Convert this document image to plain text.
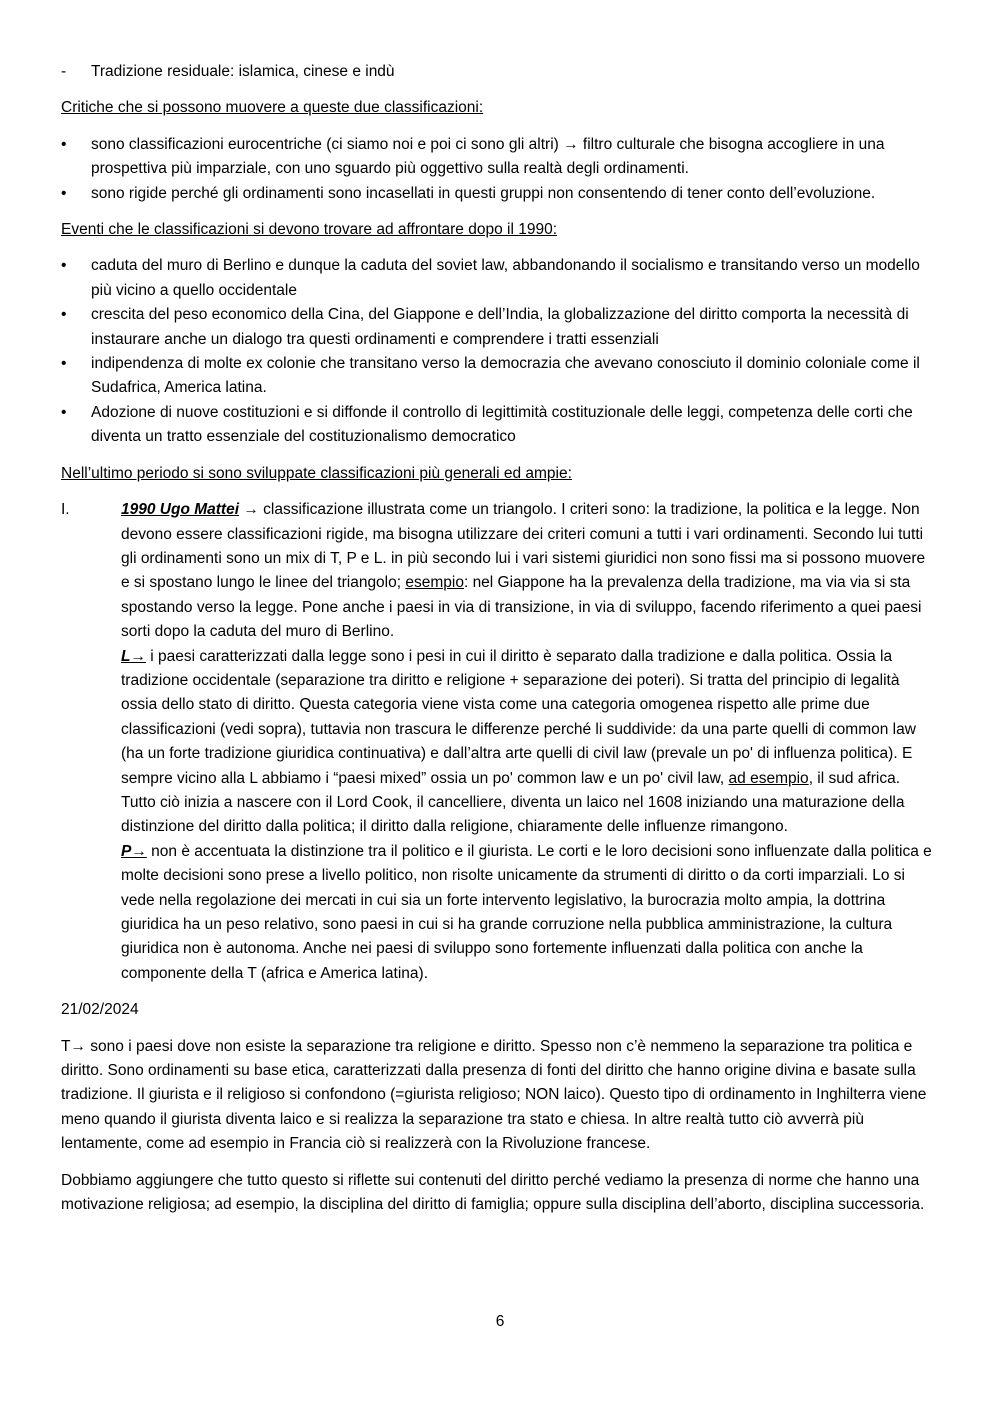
-	Tradizione residuale: islamica, cinese e indù

Critiche che si possono muovere a queste due classificazioni:

•	sono classificazioni eurocentriche (ci siamo noi e poi ci sono gli altri) → filtro culturale che bisogna accogliere in una prospettiva più imparziale, con uno sguardo più oggettivo sulla realtà degli ordinamenti.
•	sono rigide perché gli ordinamenti sono incasellati in questi gruppi non consentendo di tener conto dell’evoluzione.

Eventi che le classificazioni si devono trovare ad affrontare dopo il 1990:

•	caduta del muro di Berlino e dunque la caduta del soviet law, abbandonando il socialismo e transitando verso un modello più vicino a quello occidentale
•	crescita del peso economico della Cina, del Giappone e dell’India, la globalizzazione del diritto comporta la necessità di instaurare anche un dialogo tra questi ordinamenti e comprendere i tratti essenziali
•	indipendenza di molte ex colonie che transitano verso la democrazia che avevano conosciuto il dominio coloniale come il Sudafrica, America latina.
•	Adozione di nuove costituzioni e si diffonde il controllo di legittimità costituzionale delle leggi, competenza delle corti che diventa un tratto essenziale del costituzionalismo democratico

Nell’ultimo periodo si sono sviluppate classificazioni più generali ed ampie:

I.	1990 Ugo Mattei → classificazione illustrata come un triangolo. I criteri sono: la tradizione, la politica e la legge. Non devono essere classificazioni rigide, ma bisogna utilizzare dei criteri comuni a tutti i vari ordinamenti. Secondo lui tutti gli ordinamenti sono un mix di T, P e L. in più secondo lui i vari sistemi giuridici non sono fissi ma si possono muovere e si spostano lungo le linee del triangolo; esempio: nel Giappone ha la prevalenza della tradizione, ma via via si sta spostando verso la legge. Pone anche i paesi in via di transizione, in via di sviluppo, facendo riferimento a quei paesi sorti dopo la caduta del muro di Berlino.

L→ i paesi caratterizzati dalla legge sono i pesi in cui il diritto è separato dalla tradizione e dalla politica. Ossia la tradizione occidentale (separazione tra diritto e religione + separazione dei poteri). Si tratta del principio di legalità ossia dello stato di diritto. Questa categoria viene vista come una categoria omogenea rispetto alle prime due classificazioni (vedi sopra), tuttavia non trascura le differenze perché li suddivide: da una parte quelli di common law (ha un forte tradizione giuridica continuativa) e dall’altra arte quelli di civil law (prevale un po' di influenza politica). E sempre vicino alla L abbiamo i “paesi mixed” ossia un po' common law e un po' civil law, ad esempio, il sud africa.

Tutto ciò inizia a nascere con il Lord Cook, il cancelliere, diventa un laico nel 1608 iniziando una maturazione della distinzione del diritto dalla politica; il diritto dalla religione, chiaramente delle influenze rimangono.

P→ non è accentuata la distinzione tra il politico e il giurista. Le corti e le loro decisioni sono influenzate dalla politica e molte decisioni sono prese a livello politico, non risolte unicamente da strumenti di diritto o da corti imparziali. Lo si vede nella regolazione dei mercati in cui sia un forte intervento legislativo, la burocrazia molto ampia, la dottrina giuridica ha un peso relativo, sono paesi in cui si ha grande corruzione nella pubblica amministrazione, la cultura giuridica non è autonoma. Anche nei paesi di sviluppo sono fortemente influenzati dalla politica con anche la componente della T (africa e America latina).

21/02/2024

T→ sono i paesi dove non esiste la separazione tra religione e diritto. Spesso non c’è nemmeno la separazione tra politica e diritto. Sono ordinamenti su base etica, caratterizzati dalla presenza di fonti del diritto che hanno origine divina e basate sulla tradizione. Il giurista e il religioso si confondono (=giurista religioso; NON laico). Questo tipo di ordinamento in Inghilterra viene meno quando il giurista diventa laico e si realizza la separazione tra stato e chiesa. In altre realtà tutto ciò avverrà più lentamente, come ad esempio in Francia ciò si realizzerà con la Rivoluzione francese.

Dobbiamo aggiungere che tutto questo si riflette sui contenuti del diritto perché vediamo la presenza di norme che hanno una motivazione religiosa; ad esempio, la disciplina del diritto di famiglia; oppure sulla disciplina dell’aborto, disciplina successoria.

6
